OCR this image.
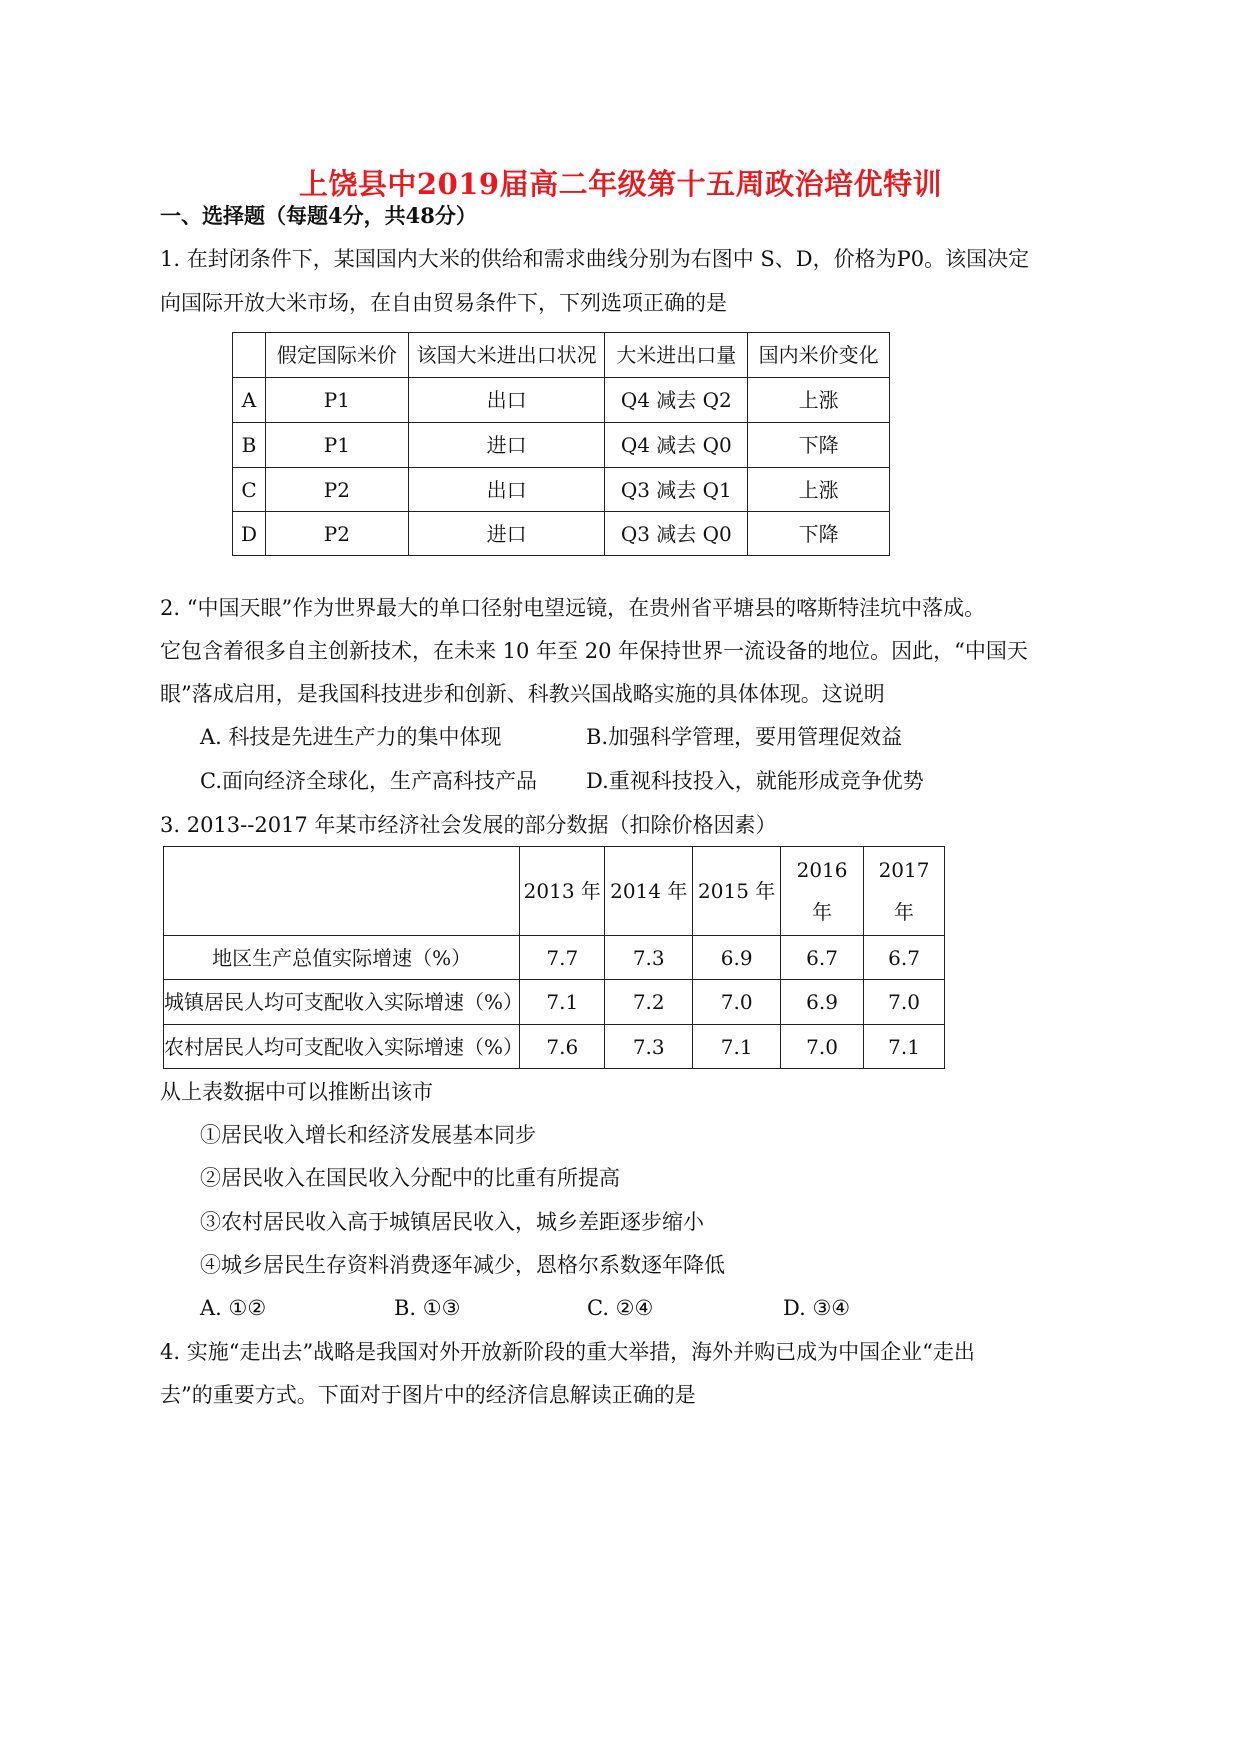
上饶县中2019届高二年级第十五周政治培优特训
一、选择题（每题4分，共48分）
1. 在封闭条件下，某国国内大米的供给和需求曲线分别为右图中 S、D，价格为P0。该国决定
向国际开放大米市场，在自由贸易条件下，下列选项正确的是
	假定国际米价	该国大米进出口状况	大米进出口量	国内米价变化
A	P1	出口	Q4 减去 Q2	上涨
B	P1	进口	Q4 减去 Q0	下降
C	P2	出口	Q3 减去 Q1	上涨
D	P2	进口	Q3 减去 Q0	下降
2. “中国天眼”作为世界最大的单口径射电望远镜，在贵州省平塘县的喀斯特洼坑中落成。
它包含着很多自主创新技术，在未来 10 年至 20 年保持世界一流设备的地位。因此，“中国天
眼”落成启用，是我国科技进步和创新、科教兴国战略实施的具体体现。这说明
A. 科技是先进生产力的集中体现	B.加强科学管理，要用管理促效益
C.面向经济全球化，生产高科技产品 D.重视科技投入，就能形成竞争优势
3. 2013--2017 年某市经济社会发展的部分数据（扣除价格因素）
	2013 年	2014 年	2015 年	2016
年	2017
年
地区生产总值实际增速（%）	7.7	7.3	6.9	6.7	6.7
城镇居民人均可支配收入实际增速（%）	7.1	7.2	7.0	6.9	7.0
农村居民人均可支配收入实际增速（%）	7.6	7.3	7.1	7.0	7.1
从上表数据中可以推断出该市
①居民收入增长和经济发展基本同步
②居民收入在国民收入分配中的比重有所提高
③农村居民收入高于城镇居民收入，城乡差距逐步缩小
④城乡居民生存资料消费逐年减少，恩格尔系数逐年降低
A. ①②	B. ①③	C. ②④	D. ③④
4. 实施“走出去”战略是我国对外开放新阶段的重大举措，海外并购已成为中国企业“走出
去”的重要方式。下面对于图片中的经济信息解读正确的是
